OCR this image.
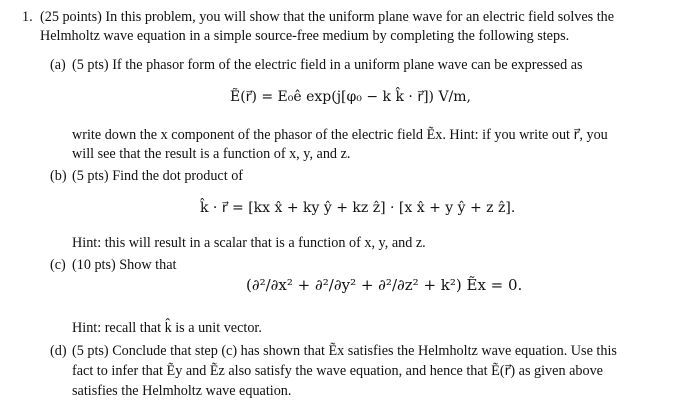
1. (25 points) In this problem, you will show that the uniform plane wave for an electric field solves the
Helmholtz wave equation in a simple source-free medium by completing the following steps.
(a) (5 pts) If the phasor form of the electric field in a uniform plane wave can be expressed as
Ẽ(r⃗) = E₀ê exp(j[φ₀ − k k̂ · r⃗]) V/m,
write down the x component of the phasor of the electric field Ẽx. Hint: if you write out r⃗, you
will see that the result is a function of x, y, and z.
(b) (5 pts) Find the dot product of
k̂ · r⃗ = [kx x̂ + ky ŷ + kz ẑ] · [x x̂ + y ŷ + z ẑ].
Hint: this will result in a scalar that is a function of x, y, and z.
(c) (10 pts) Show that
(∂²/∂x² + ∂²/∂y² + ∂²/∂z² + k²) Ẽx = 0.
Hint: recall that k̂ is a unit vector.
(d) (5 pts) Conclude that step (c) has shown that Ẽx satisfies the Helmholtz wave equation. Use this
fact to infer that Ẽy and Ẽz also satisfy the wave equation, and hence that Ẽ(r⃗) as given above
satisfies the Helmholtz wave equation.
